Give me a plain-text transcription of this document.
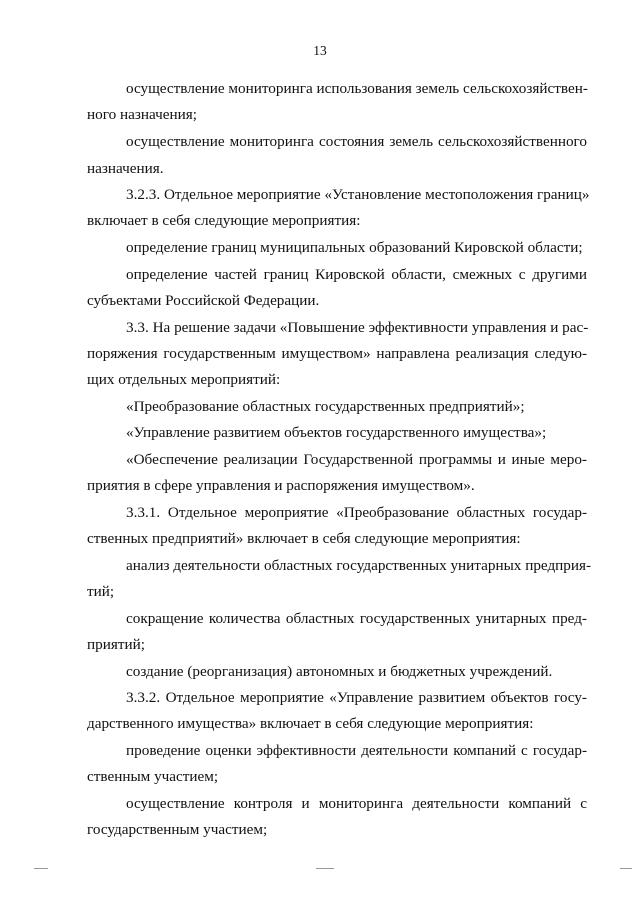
13
осуществление мониторинга использования земель сельскохозяйствен-
ного назначения;
осуществление мониторинга состояния земель сельскохозяйственного
назначения.
3.2.3. Отдельное мероприятие «Установление местоположения границ»
включает в себя следующие мероприятия:
определение границ муниципальных образований Кировской области;
определение частей границ Кировской области, смежных с другими
субъектами Российской Федерации.
3.3. На решение задачи «Повышение эффективности управления и рас-
поряжения государственным имуществом» направлена реализация следую-
щих отдельных мероприятий:
«Преобразование областных государственных предприятий»;
«Управление развитием объектов государственного имущества»;
«Обеспечение реализации Государственной программы и иные меро-
приятия в сфере управления и распоряжения имуществом».
3.3.1. Отдельное мероприятие «Преобразование областных государ-
ственных предприятий» включает в себя следующие мероприятия:
анализ деятельности областных государственных унитарных предприя-
тий;
сокращение количества областных государственных унитарных пред-
приятий;
создание (реорганизация) автономных и бюджетных учреждений.
3.3.2. Отдельное мероприятие «Управление развитием объектов госу-
дарственного имущества» включает в себя следующие мероприятия:
проведение оценки эффективности деятельности компаний с государ-
ственным участием;
осуществление контроля и мониторинга деятельности компаний с
государственным участием;
